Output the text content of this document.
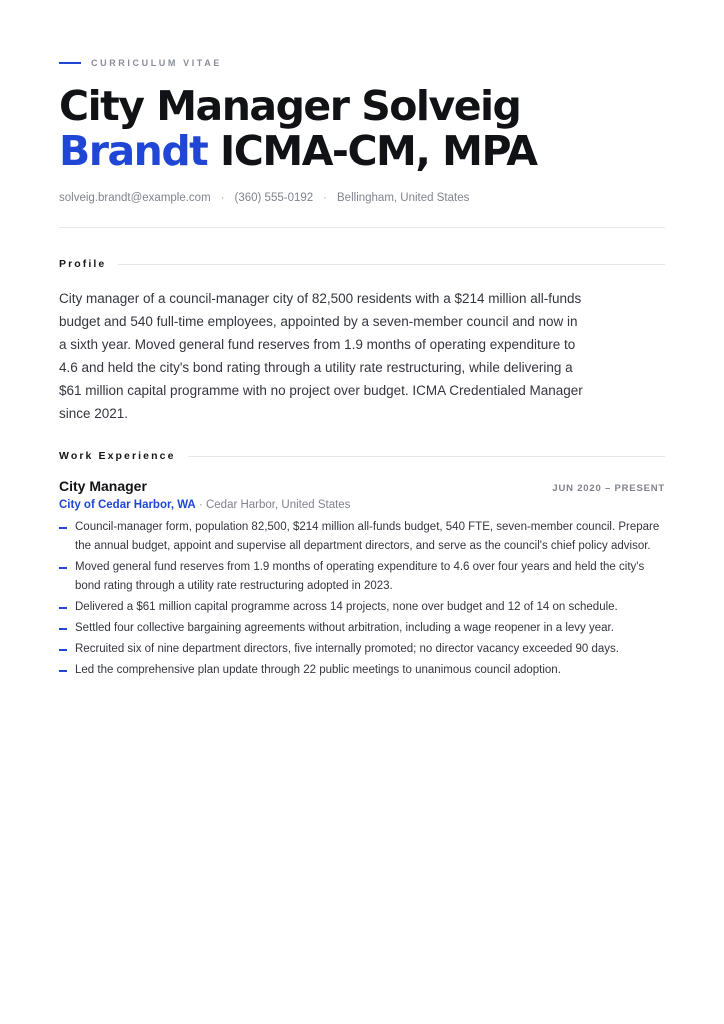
CURRICULUM VITAE
City Manager Solveig
Brandt ICMA-CM, MPA
solveig.brandt@example.com · (360) 555-0192 · Bellingham, United States
Profile

City manager of a council-manager city of 82,500 residents with a $214 million all-funds budget and 540 full-time employees, appointed by a seven-member council and now in a sixth year. Moved general fund reserves from 1.9 months of operating expenditure to 4.6 and held the city's bond rating through a utility rate restructuring, while delivering a $61 million capital programme with no project over budget. ICMA Credentialed Manager since 2021.

Work Experience
City Manager	JUN 2020 – PRESENT
City of Cedar Harbor, WA · Cedar Harbor, United States
Council-manager form, population 82,500, $214 million all-funds budget, 540 FTE, seven-member council. Prepare the annual budget, appoint and supervise all department directors, and serve as the council's chief policy advisor.
Moved general fund reserves from 1.9 months of operating expenditure to 4.6 over four years and held the city's bond rating through a utility rate restructuring adopted in 2023.
Delivered a $61 million capital programme across 14 projects, none over budget and 12 of 14 on schedule.
Settled four collective bargaining agreements without arbitration, including a wage reopener in a levy year.
Recruited six of nine department directors, five internally promoted; no director vacancy exceeded 90 days.
Led the comprehensive plan update through 22 public meetings to unanimous council adoption.
